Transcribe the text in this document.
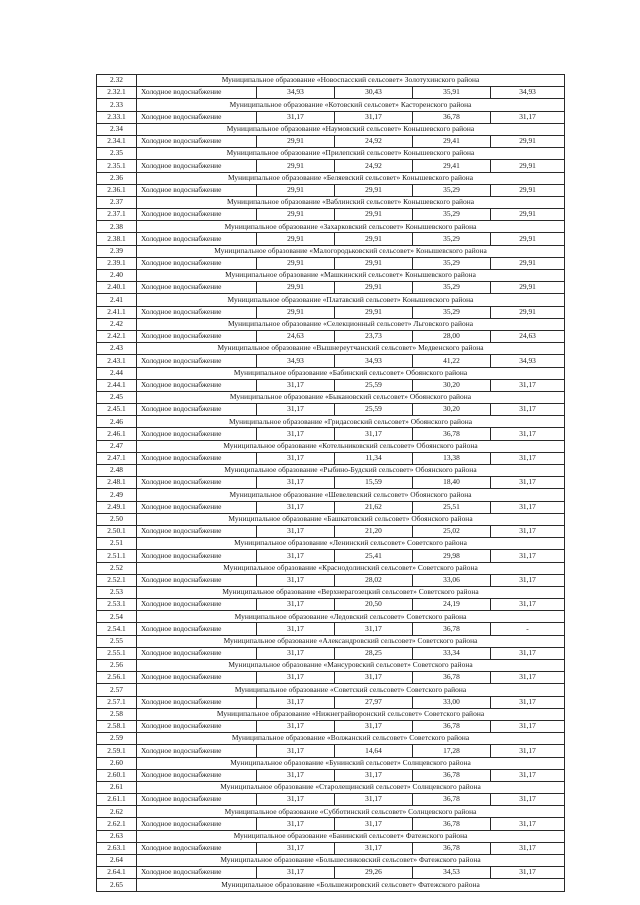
2.32	Муниципальное образование «Новоспасский сельсовет» Золотухинского района				
2.32.1	Холодное водоснабжение	34,93	30,43	35,91	34,93
2.33	Муниципальное образование «Котовский сельсовет» Касторенского района				
2.33.1	Холодное водоснабжение	31,17	31,17	36,78	31,17
2.34	Муниципальное образование «Наумовский сельсовет» Конышевского района				
2.34.1	Холодное водоснабжение	29,91	24,92	29,41	29,91
2.35	Муниципальное образование «Прилепский сельсовет» Конышевского района				
2.35.1	Холодное водоснабжение	29,91	24,92	29,41	29,91
2.36	Муниципальное образование «Беляевский сельсовет» Конышевского района				
2.36.1	Холодное водоснабжение	29,91	29,91	35,29	29,91
2.37	Муниципальное образование «Ваблинский сельсовет» Конышевского района				
2.37.1	Холодное водоснабжение	29,91	29,91	35,29	29,91
2.38	Муниципальное образование «Захарковский сельсовет» Конышевского района				
2.38.1	Холодное водоснабжение	29,91	29,91	35,29	29,91
2.39	Муниципальное образование «Малогородьковский сельсовет» Конышевского района				
2.39.1	Холодное водоснабжение	29,91	29,91	35,29	29,91
2.40	Муниципальное образование «Машкинский сельсовет» Конышевского района				
2.40.1	Холодное водоснабжение	29,91	29,91	35,29	29,91
2.41	Муниципальное образование «Платавский сельсовет» Конышевского района				
2.41.1	Холодное водоснабжение	29,91	29,91	35,29	29,91
2.42	Муниципальное образование «Селекционный сельсовет» Льговского района				
2.42.1	Холодное водоснабжение	24,63	23,73	28,00	24,63
2.43	Муниципальное образование «Вышнереутчанский сельсовет» Медвенского района				
2.43.1	Холодное водоснабжение	34,93	34,93	41,22	34,93
2.44	Муниципальное образование «Бабинский сельсовет» Обоянского района				
2.44.1	Холодное водоснабжение	31,17	25,59	30,20	31,17
2.45	Муниципальное образование «Быкановский сельсовет» Обоянского района				
2.45.1	Холодное водоснабжение	31,17	25,59	30,20	31,17
2.46	Муниципальное образование «Гридасовский сельсовет» Обоянского района				
2.46.1	Холодное водоснабжение	31,17	31,17	36,78	31,17
2.47	Муниципальное образование «Котельниковский сельсовет» Обоянского района				
2.47.1	Холодное водоснабжение	31,17	11,34	13,38	31,17
2.48	Муниципальное образование «Рыбино-Будский сельсовет» Обоянского района				
2.48.1	Холодное водоснабжение	31,17	15,59	18,40	31,17
2.49	Муниципальное образование «Шевелевский сельсовет» Обоянского района				
2.49.1	Холодное водоснабжение	31,17	21,62	25,51	31,17
2.50	Муниципальное образование «Башкатовский сельсовет» Обоянского района				
2.50.1	Холодное водоснабжение	31,17	21,20	25,02	31,17
2.51	Муниципальное образование «Ленинский сельсовет» Советского района				
2.51.1	Холодное водоснабжение	31,17	25,41	29,98	31,17
2.52	Муниципальное образование «Краснодолинский сельсовет» Советского района				
2.52.1	Холодное водоснабжение	31,17	28,02	33,06	31,17
2.53	Муниципальное образование «Верхнерагозецкий сельсовет» Советского района				
2.53.1	Холодное водоснабжение	31,17	20,50	24,19	31,17
2.54	Муниципальное образование «Ледовский сельсовет» Советского района				
2.54.1	Холодное водоснабжение	31,17	31,17	36,78	-
2.55	Муниципальное образование «Александровский сельсовет» Советского района				
2.55.1	Холодное водоснабжение	31,17	28,25	33,34	31,17
2.56	Муниципальное образование «Мансуровский сельсовет» Советского района				
2.56.1	Холодное водоснабжение	31,17	31,17	36,78	31,17
2.57	Муниципальное образование «Советский сельсовет» Советского района				
2.57.1	Холодное водоснабжение	31,17	27,97	33,00	31,17
2.58	Муниципальное образование «Нижнеграйворонский сельсовет» Советского района				
2.58.1	Холодное водоснабжение	31,17	31,17	36,78	31,17
2.59	Муниципальное образование «Волжанский сельсовет» Советского района				
2.59.1	Холодное водоснабжение	31,17	14,64	17,28	31,17
2.60	Муниципальное образование «Бунинский сельсовет» Солнцевского района				
2.60.1	Холодное водоснабжение	31,17	31,17	36,78	31,17
2.61	Муниципальное образование «Старолещинский сельсовет» Солнцевского района				
2.61.1	Холодное водоснабжение	31,17	31,17	36,78	31,17
2.62	Муниципальное образование «Субботинский сельсовет» Солнцевского района				
2.62.1	Холодное водоснабжение	31,17	31,17	36,78	31,17
2.63	Муниципальное образование «Банинский сельсовет» Фатежского района				
2.63.1	Холодное водоснабжение	31,17	31,17	36,78	31,17
2.64	Муниципальное образование «Большесинковский сельсовет» Фатежского района				
2.64.1	Холодное водоснабжение	31,17	29,26	34,53	31,17
2.65	Муниципальное образование «Большежировский сельсовет» Фатежского района				
